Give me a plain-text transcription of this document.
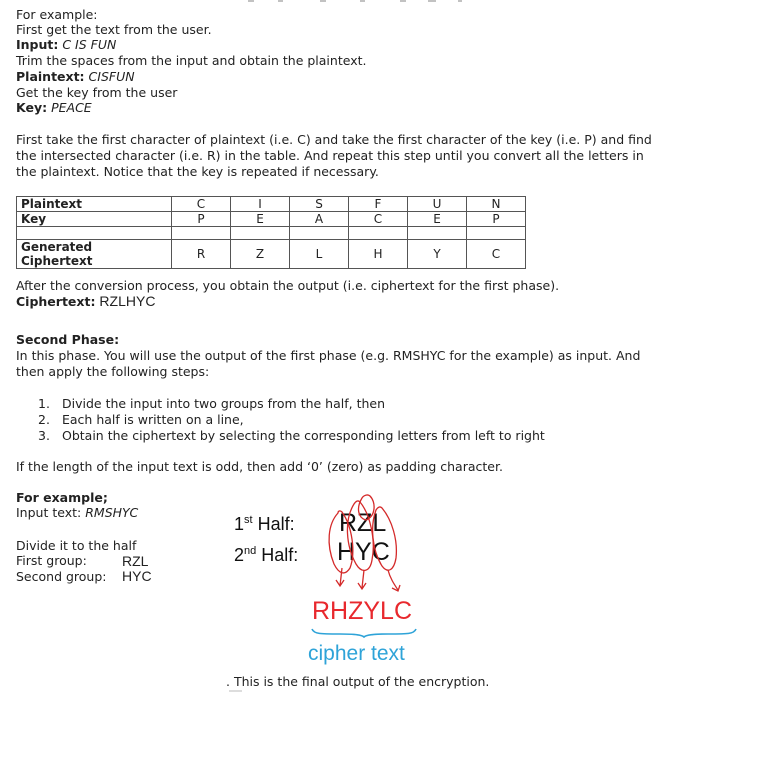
For example:
First get the text from the user.
Input: C IS FUN
Trim the spaces from the input and obtain the plaintext.
Plaintext: CISFUN
Get the key from the user
Key: PEACE
First take the first character of plaintext (i.e. C) and take the first character of the key (i.e. P) and find the intersected character (i.e. R) in the table. And repeat this step until you convert all the letters in the plaintext. Notice that the key is repeated if necessary.
Plaintext	C	I	S	F	U	N
Key	P	E	A	C	E	P

Generated Ciphertext	R	Z	L	H	Y	C
After the conversion process, you obtain the output (i.e. ciphertext for the first phase).
Ciphertext: RZLHYC
Second Phase:
In this phase. You will use the output of the first phase (e.g. RMSHYC for the example) as input. And then apply the following steps:
1. Divide the input into two groups from the half, then
2. Each half is written on a line,
3. Obtain the ciphertext by selecting the corresponding letters from left to right
If the length of the input text is odd, then add ‘0’ (zero) as padding character.
For example;
Input text: RMSHYC
Divide it to the half
First group:	RZL
Second group: HYC
1st Half: RZL
2nd Half: HYC
RHZYLC
cipher text
. This is the final output of the encryption.
